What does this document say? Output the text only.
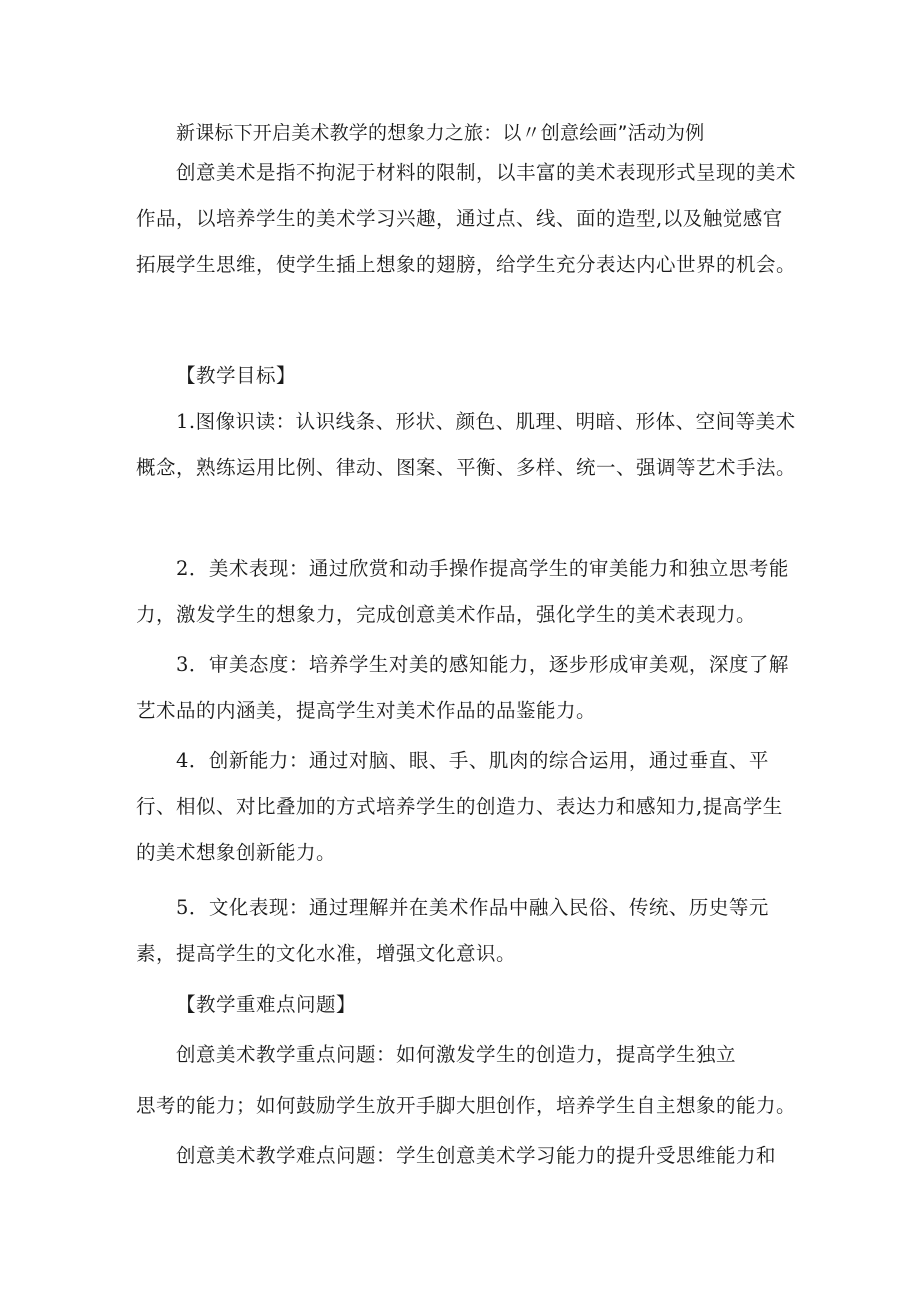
新课标下开启美术教学的想象力之旅：以〃创意绘画”活动为例

创意美术是指不拘泥于材料的限制，以丰富的美术表现形式呈现的美术作品，以培养学生的美术学习兴趣，通过点、线、面的造型,以及触觉感官拓展学生思维，使学生插上想象的翅膀，给学生充分表达内心世界的机会。

【教学目标】

1.图像识读：认识线条、形状、颜色、肌理、明暗、形体、空间等美术概念，熟练运用比例、律动、图案、平衡、多样、统一、强调等艺术手法。

2．美术表现：通过欣赏和动手操作提高学生的审美能力和独立思考能力，激发学生的想象力，完成创意美术作品，强化学生的美术表现力。

3．审美态度：培养学生对美的感知能力，逐步形成审美观，深度了解艺术品的内涵美，提高学生对美术作品的品鉴能力。

4．创新能力：通过对脑、眼、手、肌肉的综合运用，通过垂直、平行、相似、对比叠加的方式培养学生的创造力、表达力和感知力,提高学生的美术想象创新能力。

5．文化表现：通过理解并在美术作品中融入民俗、传统、历史等元素，提高学生的文化水准，增强文化意识。

【教学重难点问题】

创意美术教学重点问题：如何激发学生的创造力，提高学生独立

思考的能力；如何鼓励学生放开手脚大胆创作，培养学生自主想象的能力。

创意美术教学难点问题：学生创意美术学习能力的提升受思维能力和
